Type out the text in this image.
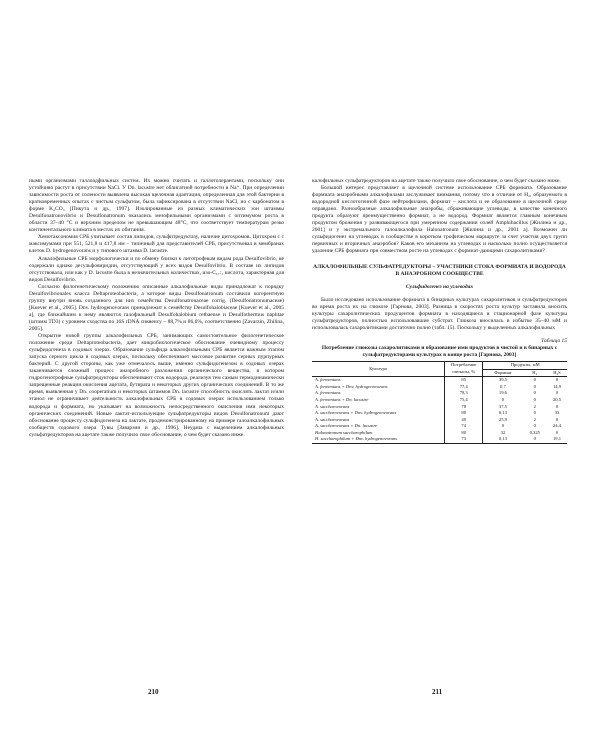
ными организмами галлоадфильных систем. Их можно считать и галлотолерантами, поскольку они устойчиво растут в присутствии NaCl. У Dn. lacustre нет облигатной потребности в Na⁺. При определении зависимости роста от солености выявлена высокая щелочная адаптация, определенная для этой бактерии в кратковременных опытах с чистым сульфатом, была зафиксирована в отсутствии NaCl, но с карбонатом в форме K₂CO₃ [Пикута и др., 1997]. Изолированные из разных климатических зон штаммы Desulfonatronovibrio и Desulfonatronum оказались мезофильными организмами с оптимумом роста в области 37–40 °C и верхним пределом не превышающим 48°C, что соответствует температурам резко континентального климата в местах их обитания.

Хемотаксономия СРБ учитывает состав липидов, сульфитредуктазу, наличие цитохромов. Цитохром c с максимумами при 551, 521,8 и 417,8 нм – типичный для представителей СРБ, присутствовал в мембранах клеток D. hydrogenovorans и у типового штамма D. lacustre.

Алкалофильные СРБ морфологически и по обмену близки к литотрофным видам рода Desulfovibrio, не содержали однако десульфовиридин, отсутствующий у всех видов Desulfovibrio. В составе их липидов отсутствовала, или как у D. lacustre была в незначительных количествах, изо-C₁₇:₁ кислота, характерная для видов Desulfovibrio.

Согласно филогенетическому положению описанные алкалофильные виды принадлежат к порядку Desulfovibrionales класса Deltaproteobacteria, а которое виды Desulfonatronum составили когерентную группу внутри вновь созданного для них семейства Desulfonatronaceae corrig. (Desulfonatronumaceae) [Kuever et al., 2005]. Dnv. hydrogenovorans принадлежит к семейству Desulfohalobiaceae [Kuever et al., 2005 a], где ближайшим к нему являются галофильный Desulfohalobium retbaense и Desulfothermus naphtae (штамм TD3) с уровнем сходства по 16S rDNA сиквенсу – 88,7% и 86,6%, соответственно [Zavarzin, Zhilina, 2005].

Открытие новой группы алкалофильных СРБ, занимающих самостоятельное филогенетическое положение среди Deltaproteobacteria, дает микробиологическое обоснование очевидному процессу сульфидогенеза в содовых озерах. Образование сульфида алкалофильными СРБ является важным этапом запуска серного цикла в содовых озерах, поскольку обеспечивает массовое развитие серных пурпурных бактерий. С другой стороны, как уже отмечалось выше, именно сульфидогенезом в содовых озерах заканчивается сложный процесс анаэробного разложения органического вещества, в котором гидрогенотрофные сульфатредукторы обеспечивают сток водорода, реализуя тем самым термодинамически запрещенные реакции окисления ацетата, бутирата и некоторых других органических соединений. В то же время, выявленная у Dn. cooperatium и некоторых штаммов Dn. lacustre способность окислять лактат и/или этанол не ограничивает деятельность алкалофильных СРБ в содовых озерах использованием только водорода и формиата, но указывает на возможность непосредственного окисления ими некоторых органических соединений. Новые лактат-используещие сульфатредукторы видов Desulfonatronum дают обоснование процессу сульфидогенеза на лактате, продемонстрированному на примере галоалкалофильных сообществ содового озера Тувы [Заварзин и др., 1996]. Неудача с выделением алкалофильных сульфатредукторов на ацетате также получило свое обоснование, о чем будет сказано ниже.

210

калофильных сульфатредукторов на ацетате также получило свое обоснование, о чем будет сказано ниже.

Большой интерес представляет в щелочной системе использование СРБ формиата. Образование формиата анаэробными алкалофилами заслуживает внимания, потому что в отличие от H₂, образуемого в водородной кислотогенной фазе нейтрофилами, формиат – кислота и ее образование в щелочной среде оправдано. Разнообразные алкалофильные анаэробы, сбраживающие углеводы, в качестве конечного продукта образуют преимущественно формиат, а не водород. Формиат является главным конечным продуктом брожения у развивающегося при умеренном содержании солей Amphibacillus [Жилина и др., 2001] и у экстремального галоалкалофила Halonatronum [Жилина и др., 2001 а]. Возможен ли сульфидогенез на углеводах в сообществе в коротком трофическом маршруте за счет участия двух групп первичных и вторичных анаэробов? Каков его механизм на углеводах и насколько полно осуществляется удаление СРБ формиата при совместном росте на углеводах с формиат-дающими сахаролитиками?

АЛКАЛОФИЛЬНЫЕ СУЛЬФАТРЕДУКТОРЫ – УЧАСТНИКИ СТОКА ФОРМИАТА И ВОДОРОДА В АНАЭРОБНОМ СООБЩЕСТВЕ

Сульфидогенез на углеводах

Было исследовано использование формиата в бинарных культурах сахаролитиков и сульфатредукторов во время роста их на глюкозе [Гарнова, 2003]. Разница в скоростях роста культур заставила вносить культуры сахаролитических продуцентов формиата в находящиеся в стационарной фазе культуры сульфатредукторов, полностью использовавшие субстрат. Глюкоза вносилась в избытке 35–40 мМ и использовалась сахаролитиками достаточно полно (табл. 15). Поскольку у выделенных алкалофильных

Таблица 15

Потребление глюкозы сахаролитиками и образование ими продуктов в чистой и в бинарных с сульфатредукторами культурах в конце роста [Гарнова, 2003]

Культура	Потребление глюкозы, %	Продукты, мМ		
		Формиат	H₂	H₂S
A. fermentans	85	39,5	0	0
A. fermentans + Dnv. hydrogenovorans	77,4	0,7	0	14,9
A. fermentans	78,3	19,6	0	0
A. fermentans + Dn. lacustre	75,4	0	0	20,5
A. saccharovorans	78	37,5	2	0
A. saccharovorans + Dnv. hydrogenovorans	80	0,13	0	33
A. saccharovorans	49	25,9	2	0
A. saccharovorans + Dn. lacustre	74	0	0	24,4
Halonatronum saccharophilum	80	32	0,325	0
H. saccharophilum + Dnv. hydrogenovorans	73	0,13	0	19,1
211
